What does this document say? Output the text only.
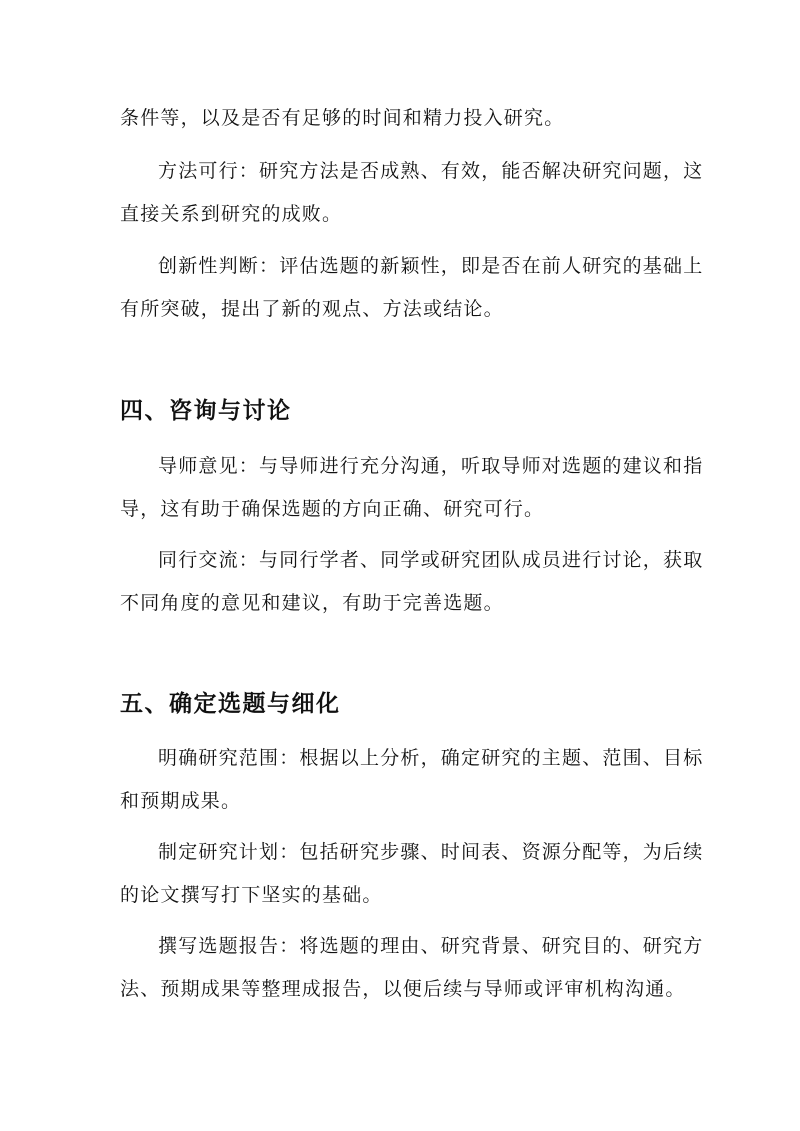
条件等，以及是否有足够的时间和精力投入研究。
方法可行：研究方法是否成熟、有效，能否解决研究问题，这
直接关系到研究的成败。
创新性判断：评估选题的新颖性，即是否在前人研究的基础上
有所突破，提出了新的观点、方法或结论。
四、咨询与讨论
导师意见：与导师进行充分沟通，听取导师对选题的建议和指
导，这有助于确保选题的方向正确、研究可行。
同行交流：与同行学者、同学或研究团队成员进行讨论，获取
不同角度的意见和建议，有助于完善选题。
五、确定选题与细化
明确研究范围：根据以上分析，确定研究的主题、范围、目标
和预期成果。
制定研究计划：包括研究步骤、时间表、资源分配等，为后续
的论文撰写打下坚实的基础。
撰写选题报告：将选题的理由、研究背景、研究目的、研究方
法、预期成果等整理成报告，以便后续与导师或评审机构沟通。
